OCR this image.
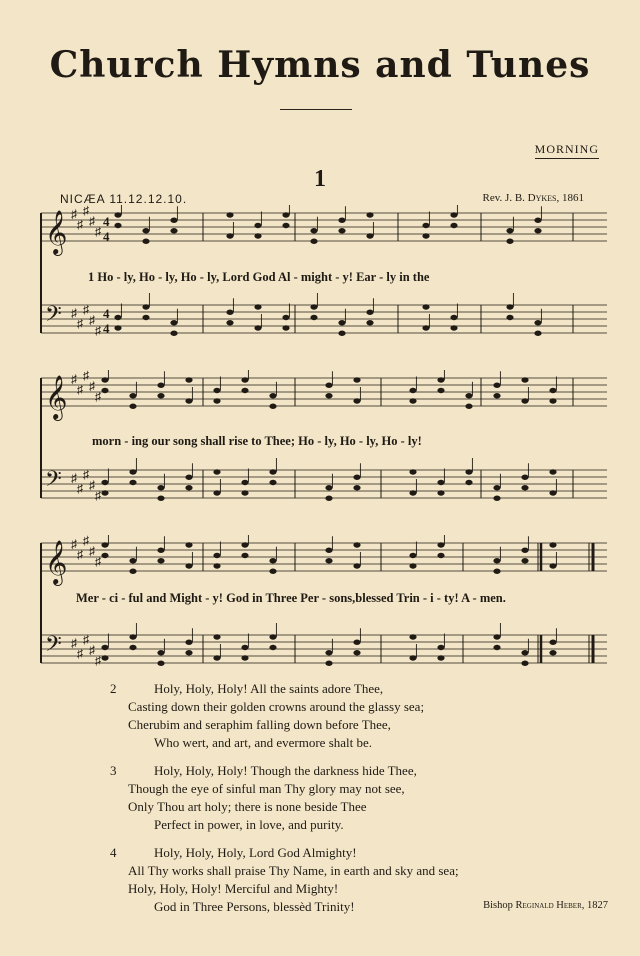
Church Hymns and Tunes
MORNING
1
NICÆA 11.12.12.10.	Rev. J. B. Dykes, 1861
𝄞 ♯
♯
♯
♯
♯
4
4
𝄢 ♯
♯
♯
♯
♯
4
4
1 Ho - ly, Ho - ly, Ho - ly, Lord God Al - might - y! Ear - ly in the
𝄞 ♯
♯
♯
♯
♯
𝄢 ♯
♯
♯
♯
♯
morn - ing our song shall rise to Thee; Ho - ly, Ho - ly, Ho - ly!
𝄞 ♯
♯
♯
♯
♯
𝄢 ♯
♯
♯
♯
♯
Mer - ci - ful and Might - y! God in Three Per - sons,blessed Trin - i - ty! A - men.
2	Holy, Holy, Holy! All the saints adore Thee,
Casting down their golden crowns around the glassy sea;
Cherubim and seraphim falling down before Thee,
Who wert, and art, and evermore shalt be.
3	Holy, Holy, Holy! Though the darkness hide Thee,
Though the eye of sinful man Thy glory may not see,
Only Thou art holy; there is none beside Thee
Perfect in power, in love, and purity.
4	Holy, Holy, Holy, Lord God Almighty!
All Thy works shall praise Thy Name, in earth and sky and sea;
Holy, Holy, Holy! Merciful and Mighty!
God in Three Persons, blessèd Trinity!	Bishop Reginald Heber, 1827
